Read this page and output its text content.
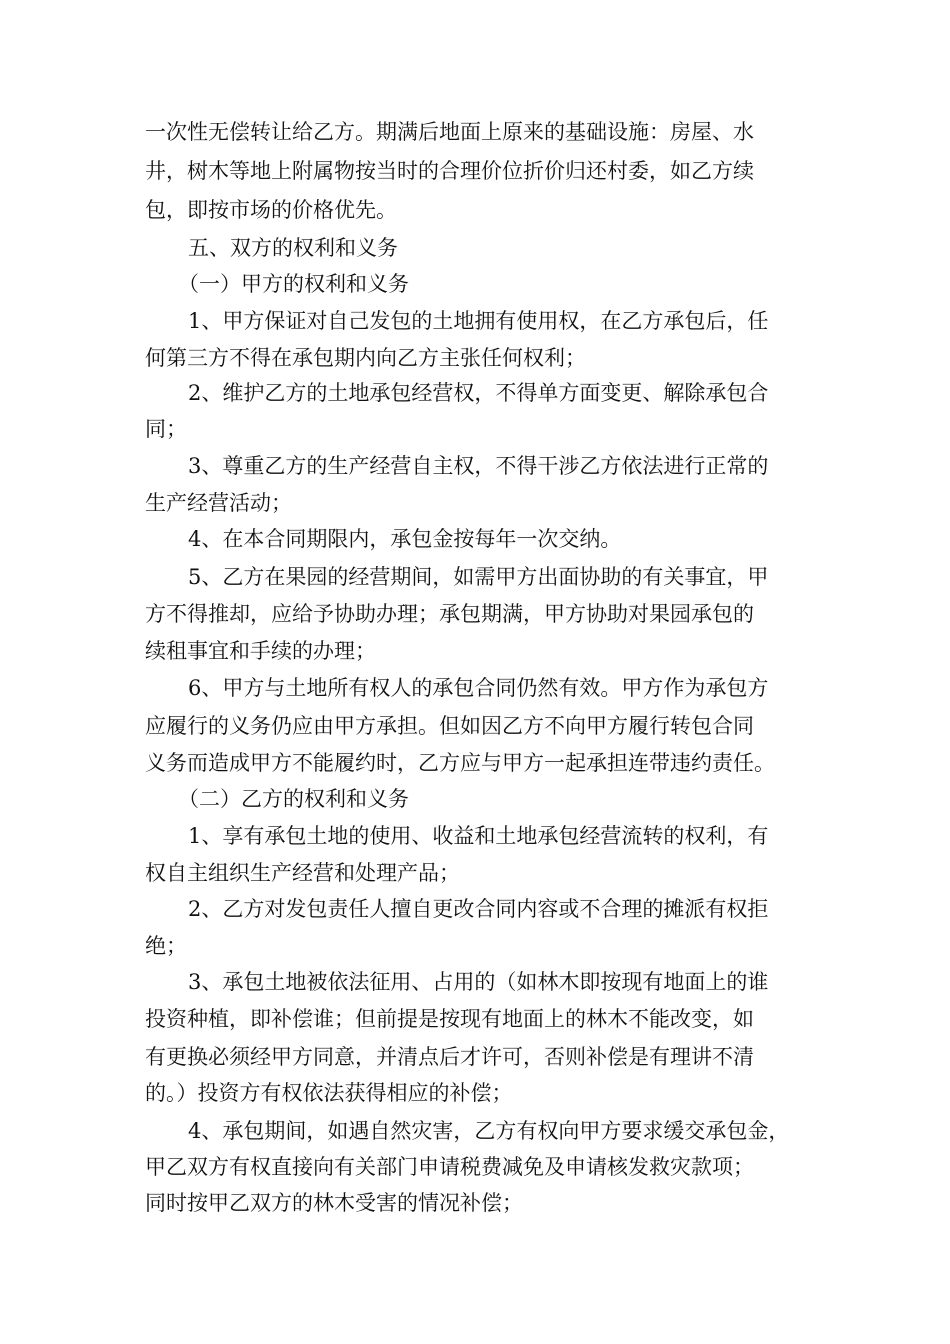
一次性无偿转让给乙方。期满后地面上原来的基础设施：房屋、水
井，树木等地上附属物按当时的合理价位折价归还村委，如乙方续
包，即按市场的价格优先。
五、双方的权利和义务
（一）甲方的权利和义务
1、甲方保证对自己发包的土地拥有使用权，在乙方承包后，任
何第三方不得在承包期内向乙方主张任何权利；
2、维护乙方的土地承包经营权，不得单方面变更、解除承包合
同；
3、尊重乙方的生产经营自主权，不得干涉乙方依法进行正常的
生产经营活动；
4、在本合同期限内，承包金按每年一次交纳。
5、乙方在果园的经营期间，如需甲方出面协助的有关事宜，甲
方不得推却，应给予协助办理；承包期满，甲方协助对果园承包的
续租事宜和手续的办理；
6、甲方与土地所有权人的承包合同仍然有效。甲方作为承包方
应履行的义务仍应由甲方承担。但如因乙方不向甲方履行转包合同
义务而造成甲方不能履约时，乙方应与甲方一起承担连带违约责任。
（二）乙方的权利和义务
1、享有承包土地的使用、收益和土地承包经营流转的权利，有
权自主组织生产经营和处理产品；
2、乙方对发包责任人擅自更改合同内容或不合理的摊派有权拒
绝；
3、承包土地被依法征用、占用的（如林木即按现有地面上的谁
投资种植，即补偿谁；但前提是按现有地面上的林木不能改变，如
有更换必须经甲方同意，并清点后才许可，否则补偿是有理讲不清
的。）投资方有权依法获得相应的补偿；
4、承包期间，如遇自然灾害，乙方有权向甲方要求缓交承包金，
甲乙双方有权直接向有关部门申请税费减免及申请核发救灾款项；
同时按甲乙双方的林木受害的情况补偿；
